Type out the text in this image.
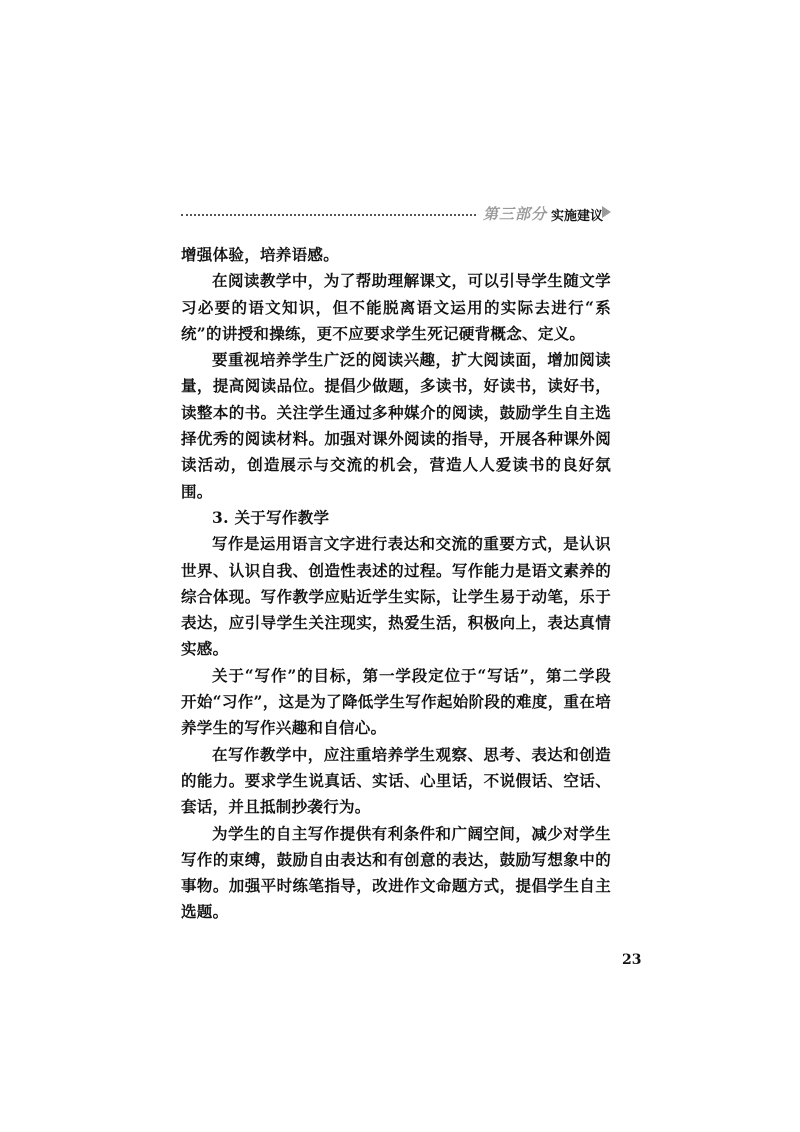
第三部分 实施建议

增强体验，培养语感。

在阅读教学中，为了帮助理解课文，可以引导学生随文学习必要的语文知识，但不能脱离语文运用的实际去进行“系统”的讲授和操练，更不应要求学生死记硬背概念、定义。

要重视培养学生广泛的阅读兴趣，扩大阅读面，增加阅读量，提高阅读品位。提倡少做题，多读书，好读书，读好书，读整本的书。关注学生通过多种媒介的阅读，鼓励学生自主选择优秀的阅读材料。加强对课外阅读的指导，开展各种课外阅读活动，创造展示与交流的机会，营造人人爱读书的良好氛围。

3. 关于写作教学

写作是运用语言文字进行表达和交流的重要方式，是认识世界、认识自我、创造性表述的过程。写作能力是语文素养的综合体现。写作教学应贴近学生实际，让学生易于动笔，乐于表达，应引导学生关注现实，热爱生活，积极向上，表达真情实感。

关于“写作”的目标，第一学段定位于“写话”，第二学段开始“习作”，这是为了降低学生写作起始阶段的难度，重在培养学生的写作兴趣和自信心。

在写作教学中，应注重培养学生观察、思考、表达和创造的能力。要求学生说真话、实话、心里话，不说假话、空话、套话，并且抵制抄袭行为。

为学生的自主写作提供有利条件和广阔空间，减少对学生写作的束缚，鼓励自由表达和有创意的表达，鼓励写想象中的事物。加强平时练笔指导，改进作文命题方式，提倡学生自主选题。

23
